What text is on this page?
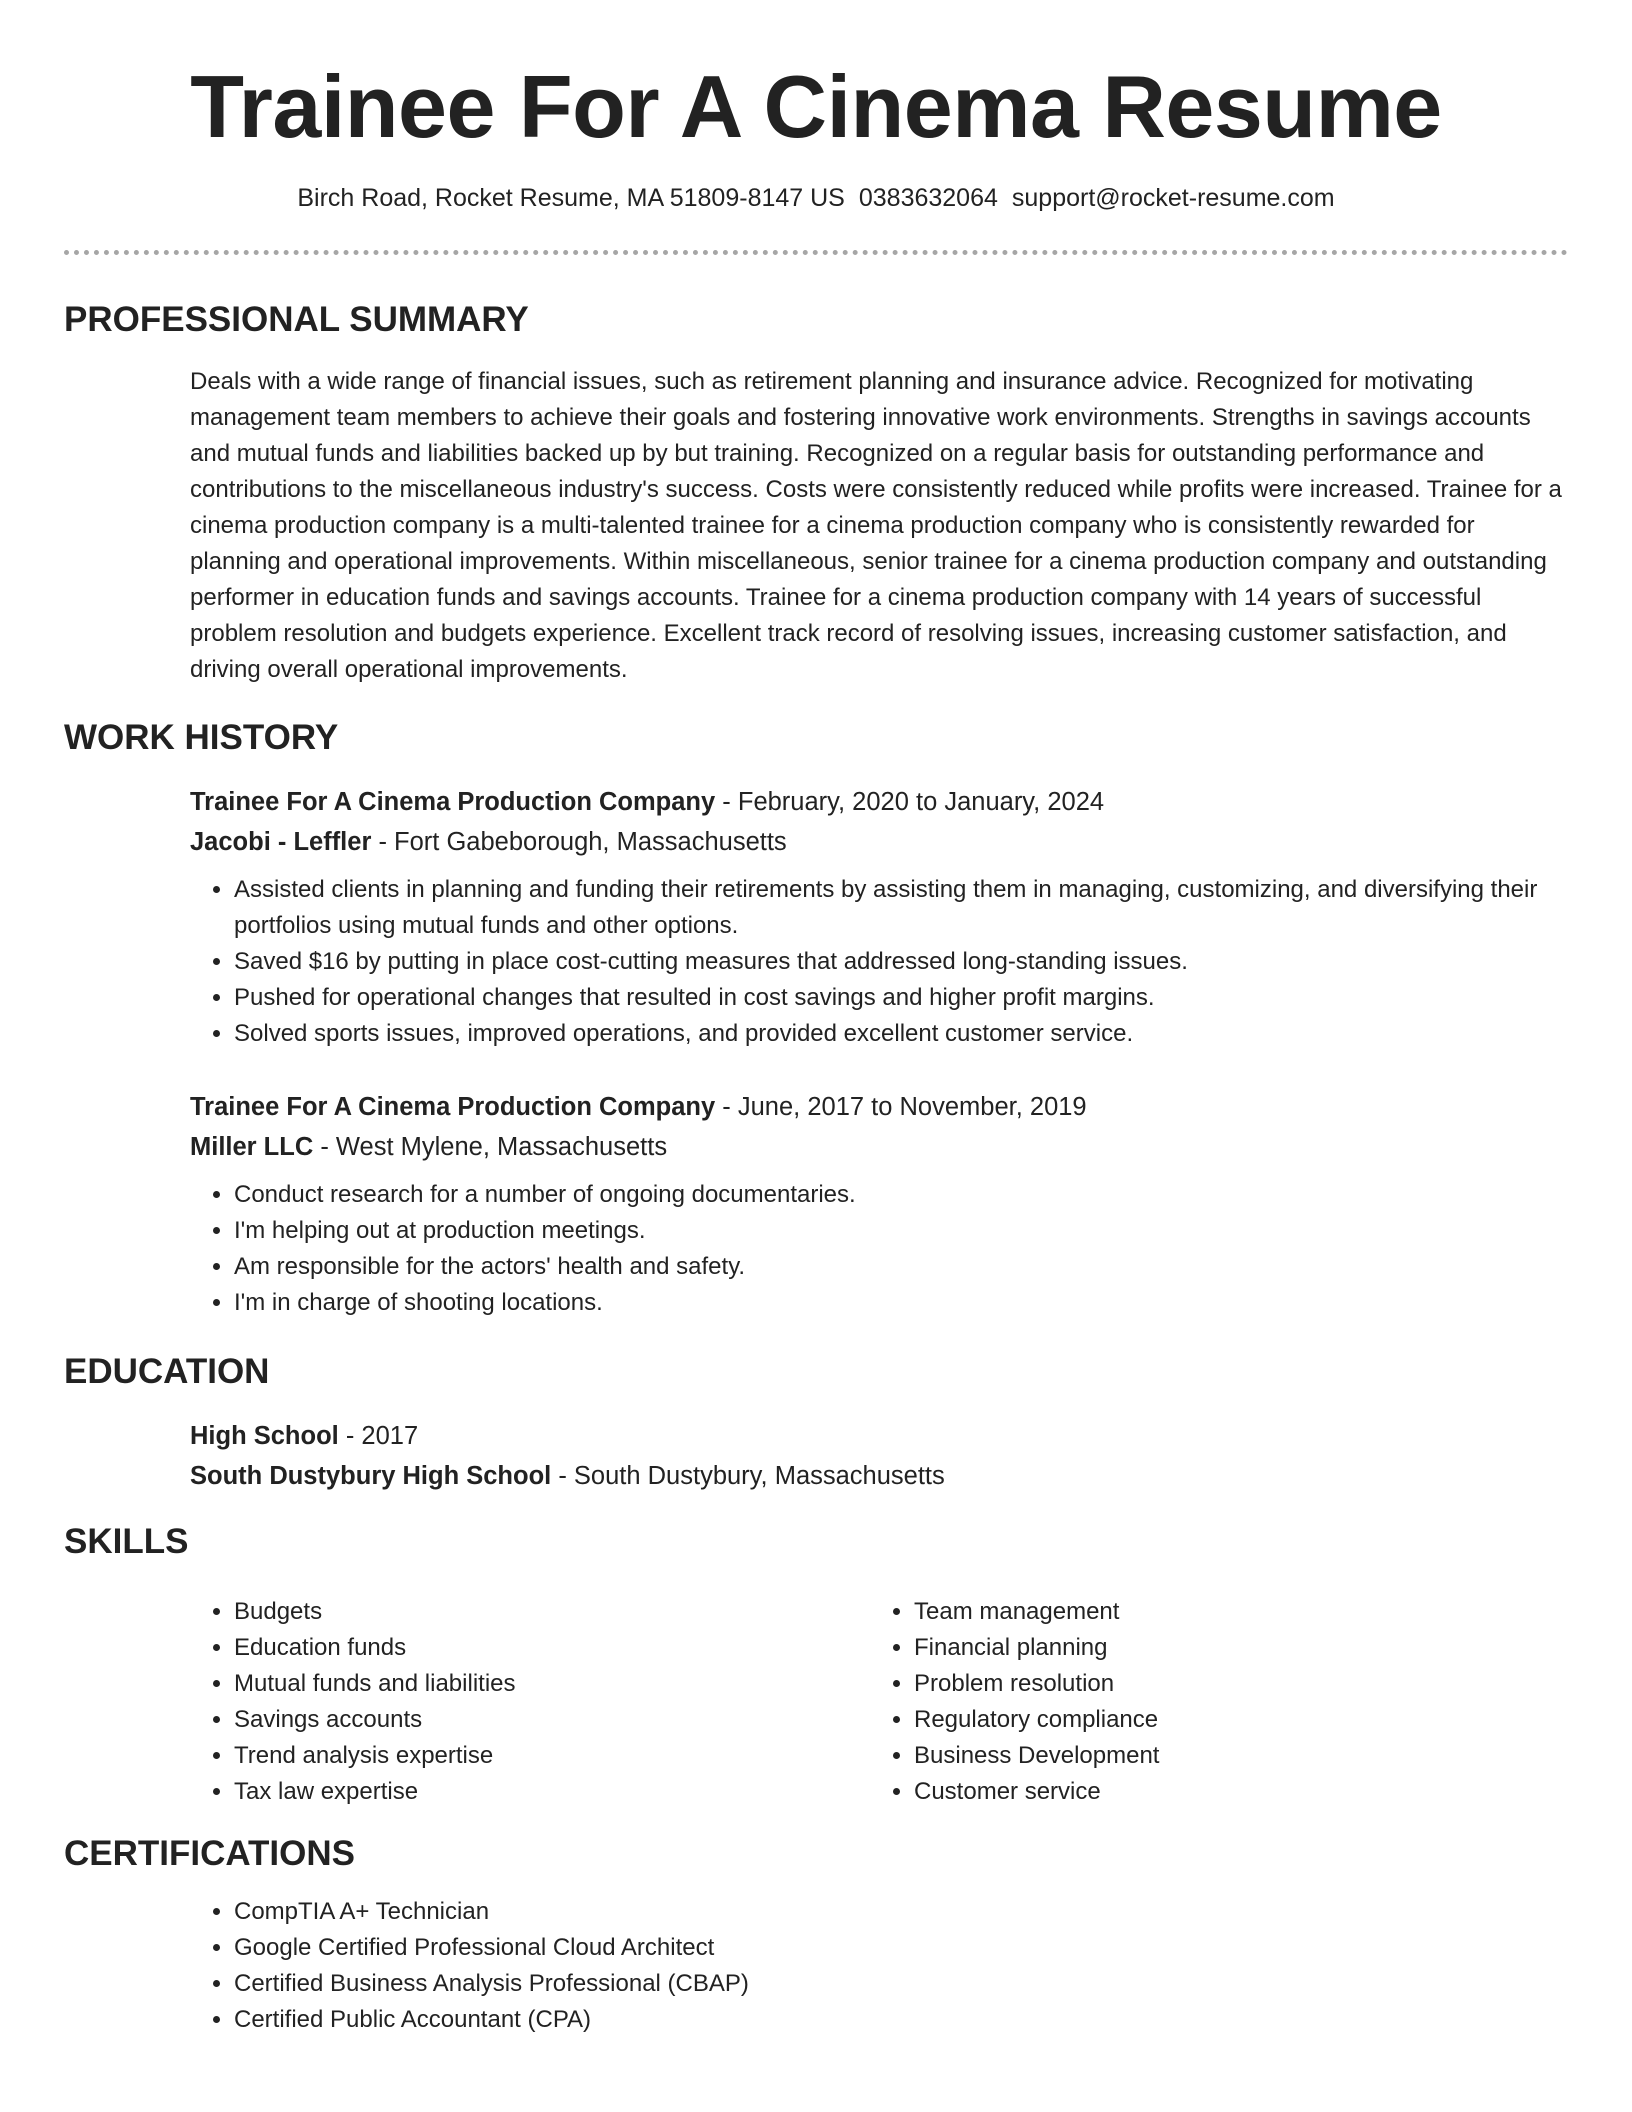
Trainee For A Cinema Resume
Birch Road, Rocket Resume, MA 51809-8147 US 0383632064 support@rocket-resume.com
PROFESSIONAL SUMMARY

Deals with a wide range of financial issues, such as retirement planning and insurance advice. Recognized for motivating management team members to achieve their goals and fostering innovative work environments. Strengths in savings accounts and mutual funds and liabilities backed up by but training. Recognized on a regular basis for outstanding performance and contributions to the miscellaneous industry's success. Costs were consistently reduced while profits were increased. Trainee for a cinema production company is a multi-talented trainee for a cinema production company who is consistently rewarded for planning and operational improvements. Within miscellaneous, senior trainee for a cinema production company and outstanding performer in education funds and savings accounts. Trainee for a cinema production company with 14 years of successful problem resolution and budgets experience. Excellent track record of resolving issues, increasing customer satisfaction, and driving overall operational improvements.

WORK HISTORY

Trainee For A Cinema Production Company - February, 2020 to January, 2024

Jacobi - Leffler - Fort Gabeborough, Massachusetts

• Assisted clients in planning and funding their retirements by assisting them in managing, customizing, and diversifying their portfolios using mutual funds and other options.
• Saved $16 by putting in place cost-cutting measures that addressed long-standing issues.
• Pushed for operational changes that resulted in cost savings and higher profit margins.
• Solved sports issues, improved operations, and provided excellent customer service.

Trainee For A Cinema Production Company - June, 2017 to November, 2019

Miller LLC - West Mylene, Massachusetts

• Conduct research for a number of ongoing documentaries.
• I'm helping out at production meetings.
• Am responsible for the actors' health and safety.
• I'm in charge of shooting locations.
EDUCATION

High School - 2017

South Dustybury High School - South Dustybury, Massachusetts

SKILLS
• Budgets
• Education funds
• Mutual funds and liabilities
• Savings accounts
• Trend analysis expertise
• Tax law expertise
• Team management
• Financial planning
• Problem resolution
• Regulatory compliance
• Business Development
• Customer service
CERTIFICATIONS
• CompTIA A+ Technician
• Google Certified Professional Cloud Architect
• Certified Business Analysis Professional (CBAP)
• Certified Public Accountant (CPA)
